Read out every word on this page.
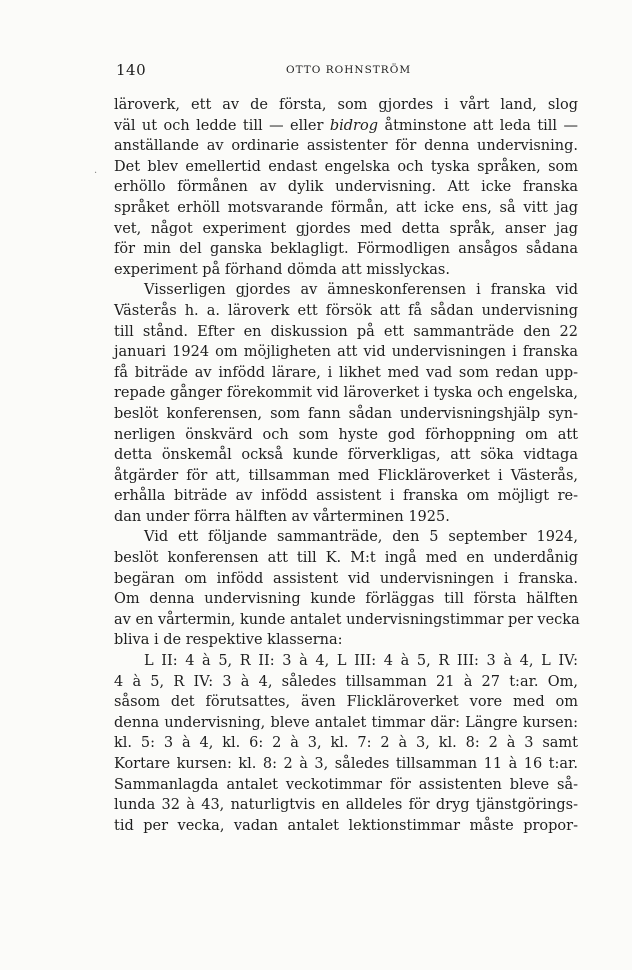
140	OTTO ROHNSTRÖM
·
läroverk, ett av de första, som gjordes i vårt land, slog
väl ut och ledde till — eller bidrog åtminstone att leda till —
anställande av ordinarie assistenter för denna undervisning.
Det blev emellertid endast engelska och tyska språken, som
erhöllo förmånen av dylik undervisning. Att icke franska
språket erhöll motsvarande förmån, att icke ens, så vitt jag
vet, något experiment gjordes med detta språk, anser jag
för min del ganska beklagligt. Förmodligen ansågos sådana
experiment på förhand dömda att misslyckas.
Visserligen gjordes av ämneskonferensen i franska vid
Västerås h. a. läroverk ett försök att få sådan undervisning
till stånd. Efter en diskussion på ett sammanträde den 22
januari 1924 om möjligheten att vid undervisningen i franska
få biträde av infödd lärare, i likhet med vad som redan upp-
repade gånger förekommit vid läroverket i tyska och engelska,
beslöt konferensen, som fann sådan undervisningshjälp syn-
nerligen önskvärd och som hyste god förhoppning om att
detta önskemål också kunde förverkligas, att söka vidtaga
åtgärder för att, tillsamman med Flickläroverket i Västerås,
erhålla biträde av infödd assistent i franska om möjligt re-
dan under förra hälften av vårterminen 1925.
Vid ett följande sammanträde, den 5 september 1924,
beslöt konferensen att till K. M:t ingå med en underdånig
begäran om infödd assistent vid undervisningen i franska.
Om denna undervisning kunde förläggas till första hälften
av en vårtermin, kunde antalet undervisningstimmar per vecka
bliva i de respektive klasserna:
L II: 4 à 5, R II: 3 à 4, L III: 4 à 5, R III: 3 à 4, L IV:
4 à 5, R IV: 3 à 4, således tillsamman 21 à 27 t:ar. Om,
såsom det förutsattes, även Flickläroverket vore med om
denna undervisning, bleve antalet timmar där: Längre kursen:
kl. 5: 3 à 4, kl. 6: 2 à 3, kl. 7: 2 à 3, kl. 8: 2 à 3 samt
Kortare kursen: kl. 8: 2 à 3, således tillsamman 11 à 16 t:ar.
Sammanlagda antalet veckotimmar för assistenten bleve så-
lunda 32 à 43, naturligtvis en alldeles för dryg tjänstgörings-
tid per vecka, vadan antalet lektionstimmar måste propor-
